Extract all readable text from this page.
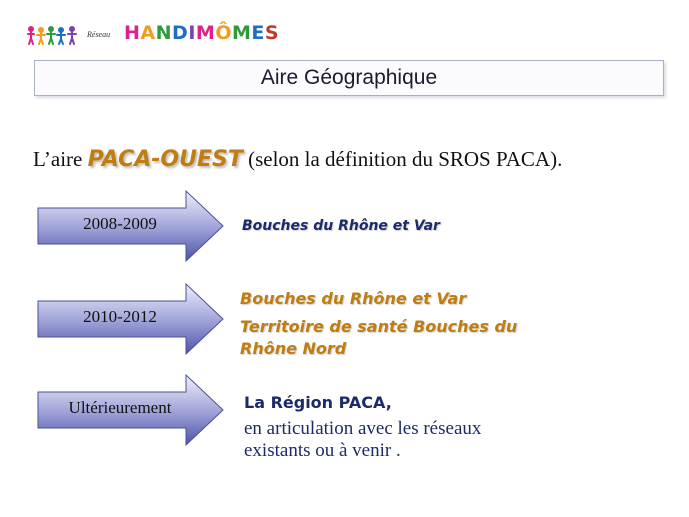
Réseau HANDIMÔMES
Aire Géographique
L’aire PACA-OUEST (selon la définition du SROS PACA).
2008-2009	Bouches du Rhône et Var
2010-2012
Bouches du Rhône et Var
Territoire de santé Bouches du
Rhône Nord
Ultérieurement	La Région PACA,
en articulation avec les réseaux
existants ou à venir .
